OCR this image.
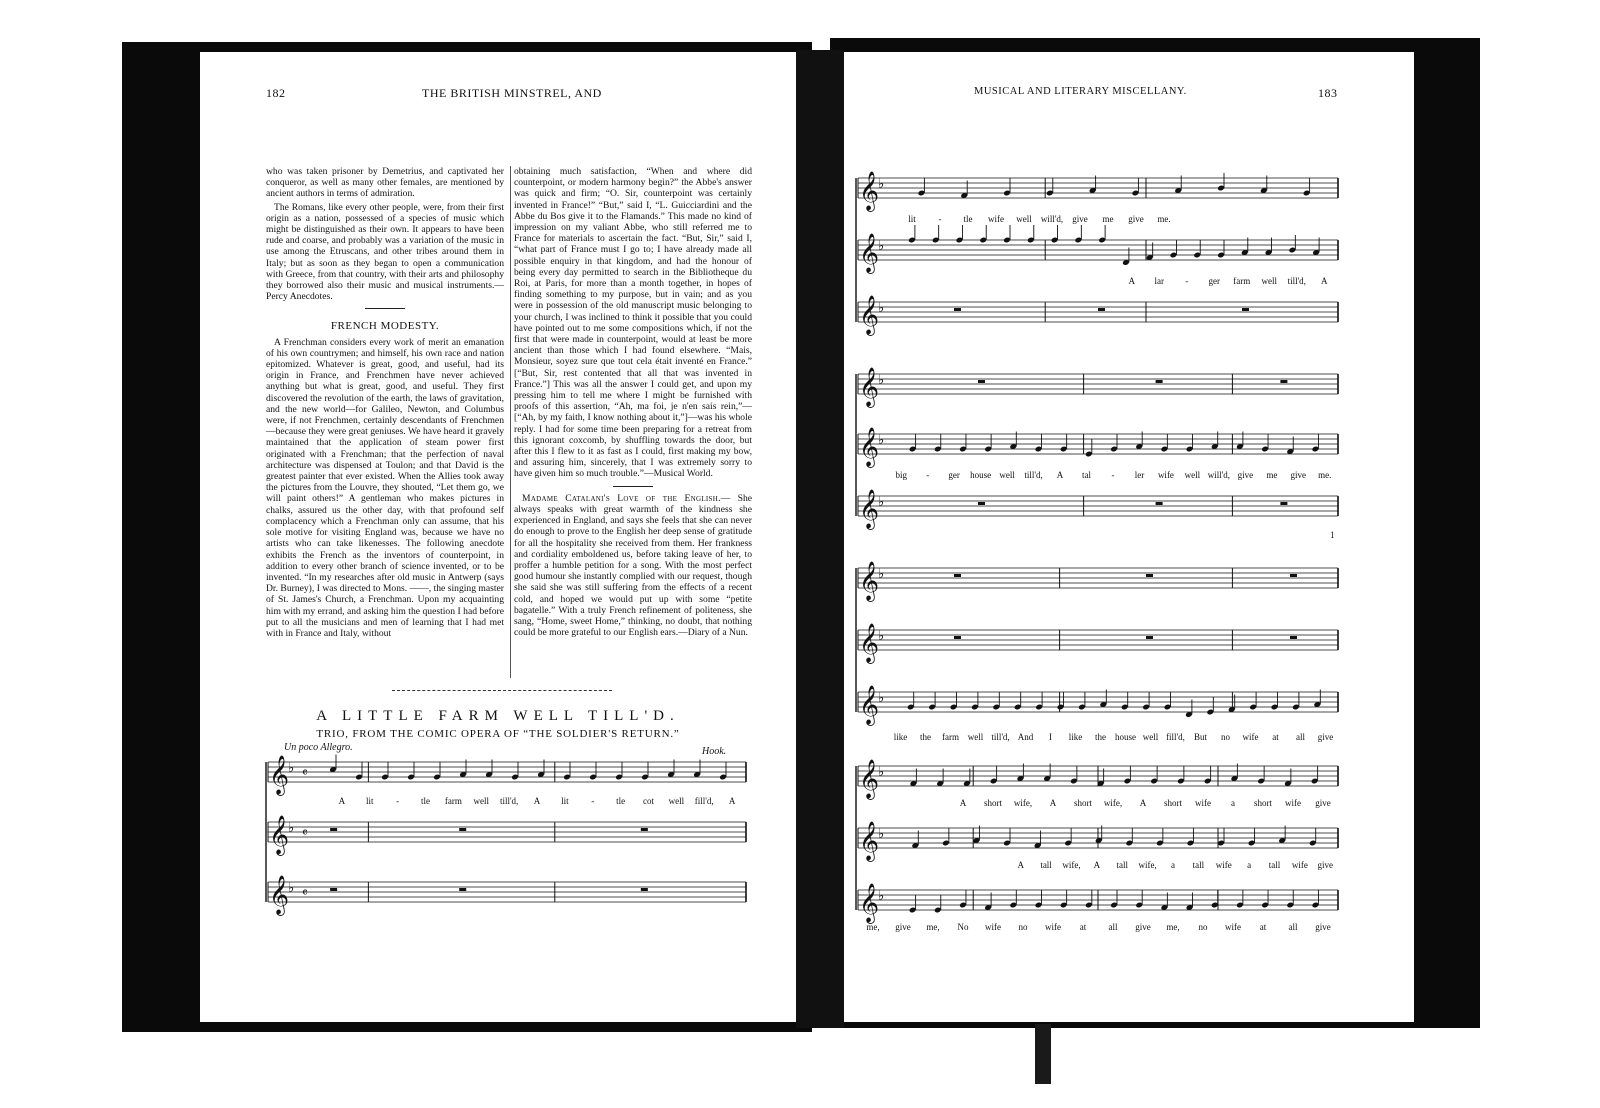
182	THE BRITISH MINSTREL, AND

who was taken prisoner by Demetrius, and captivated her conqueror, as well as many other females, are mentioned by ancient authors in terms of admiration.

The Romans, like every other people, were, from their first origin as a nation, possessed of a species of music which might be distinguished as their own. It appears to have been rude and coarse, and probably was a variation of the music in use among the Etruscans, and other tribes around them in Italy; but as soon as they began to open a communication with Greece, from that country, with their arts and philosophy they borrowed also their music and musical instruments.—Percy Anecdotes.

FRENCH MODESTY.

A Frenchman considers every work of merit an emanation of his own countrymen; and himself, his own race and nation epitomized. Whatever is great, good, and useful, had its origin in France, and Frenchmen have never achieved anything but what is great, good, and useful. They first discovered the revolution of the earth, the laws of gravitation, and the new world—for Galileo, Newton, and Columbus were, if not Frenchmen, certainly descendants of Frenchmen—because they were great geniuses. We have heard it gravely maintained that the application of steam power first originated with a Frenchman; that the perfection of naval architecture was dispensed at Toulon; and that David is the greatest painter that ever existed. When the Allies took away the pictures from the Louvre, they shouted, “Let them go, we will paint others!” A gentleman who makes pictures in chalks, assured us the other day, with that profound self complacency which a Frenchman only can assume, that his sole motive for visiting England was, because we have no artists who can take likenesses. The following anecdote exhibits the French as the inventors of counterpoint, in addition to every other branch of science invented, or to be invented. “In my researches after old music in Antwerp (says Dr. Burney), I was directed to Mons. ——, the singing master of St. James's Church, a Frenchman. Upon my acquainting him with my errand, and asking him the question I had before put to all the musicians and men of learning that I had met with in France and Italy, without

obtaining much satisfaction, “When and where did counterpoint, or modern harmony begin?” the Abbe's answer was quick and firm; “O. Sir, counterpoint was certainly invented in France!” “But,” said I, “L. Guicciardini and the Abbe du Bos give it to the Flamands.” This made no kind of impression on my valiant Abbe, who still referred me to France for materials to ascertain the fact. “But, Sir,” said I, “what part of France must I go to; I have already made all possible enquiry in that kingdom, and had the honour of being every day permitted to search in the Bibliotheque du Roi, at Paris, for more than a month together, in hopes of finding something to my purpose, but in vain; and as you were in possession of the old manuscript music belonging to your church, I was inclined to think it possible that you could have pointed out to me some compositions which, if not the first that were made in counterpoint, would at least be more ancient than those which I had found elsewhere. “Mais, Monsieur, soyez sure que tout cela était inventé en France.” [“But, Sir, rest contented that all that was invented in France.”] This was all the answer I could get, and upon my pressing him to tell me where I might be furnished with proofs of this assertion, “Ah, ma foi, je n'en sais rein,”—[“Ah, by my faith, I know nothing about it,”]—was his whole reply. I had for some time been preparing for a retreat from this ignorant coxcomb, by shuffling towards the door, but after this I flew to it as fast as I could, first making my bow, and assuring him, sincerely, that I was extremely sorry to have given him so much trouble.”—Musical World.

Madame Catalani's Love of the English.— She always speaks with great warmth of the kindness she experienced in England, and says she feels that she can never do enough to prove to the English her deep sense of gratitude for all the hospitality she received from them. Her frankness and cordiality emboldened us, before taking leave of her, to proffer a humble petition for a song. With the most perfect good humour she instantly complied with our request, though she said she was still suffering from the effects of a recent cold, and hoped we would put up with some “petite bagatelle.” With a truly French refinement of politeness, she sang, “Home, sweet Home,” thinking, no doubt, that nothing could be more grateful to our English ears.—Diary of a Nun.

A LITTLE FARM WELL TILL'D.
TRIO, FROM THE COMIC OPERA OF “THE SOLDIER'S RETURN.”
Un poco Allegro.	Hook.
𝄞
♭ 𝄴
A lit	- tle farm well till'd, A lit	- tle cot well fill'd, A
𝄞
♭ 𝄴
𝄞
♭ 𝄴
MUSICAL AND LITERARY MISCELLANY.	183
𝄞
♭
lit	- tle wife well will'd, give me give me.
𝄞
♭
A lar - ger farm well till'd, A
𝄞
♭
𝄞
♭
𝄞
♭
big - ger house well till'd, A tal - ler wife well will'd, give me give me.
𝄞
♭
1
𝄞
♭
𝄞
♭
𝄞
♭
like the farm well till'd, And I like the house well fill'd, But no wife at all give
𝄞
♭
A short wife, A short wife, A short wife a short wife give
𝄞
♭
A tall wife, A tall wife, a tall wife a tall wife give
𝄞
♭
me, give me, No wife no wife at all give me, no wife at all give
